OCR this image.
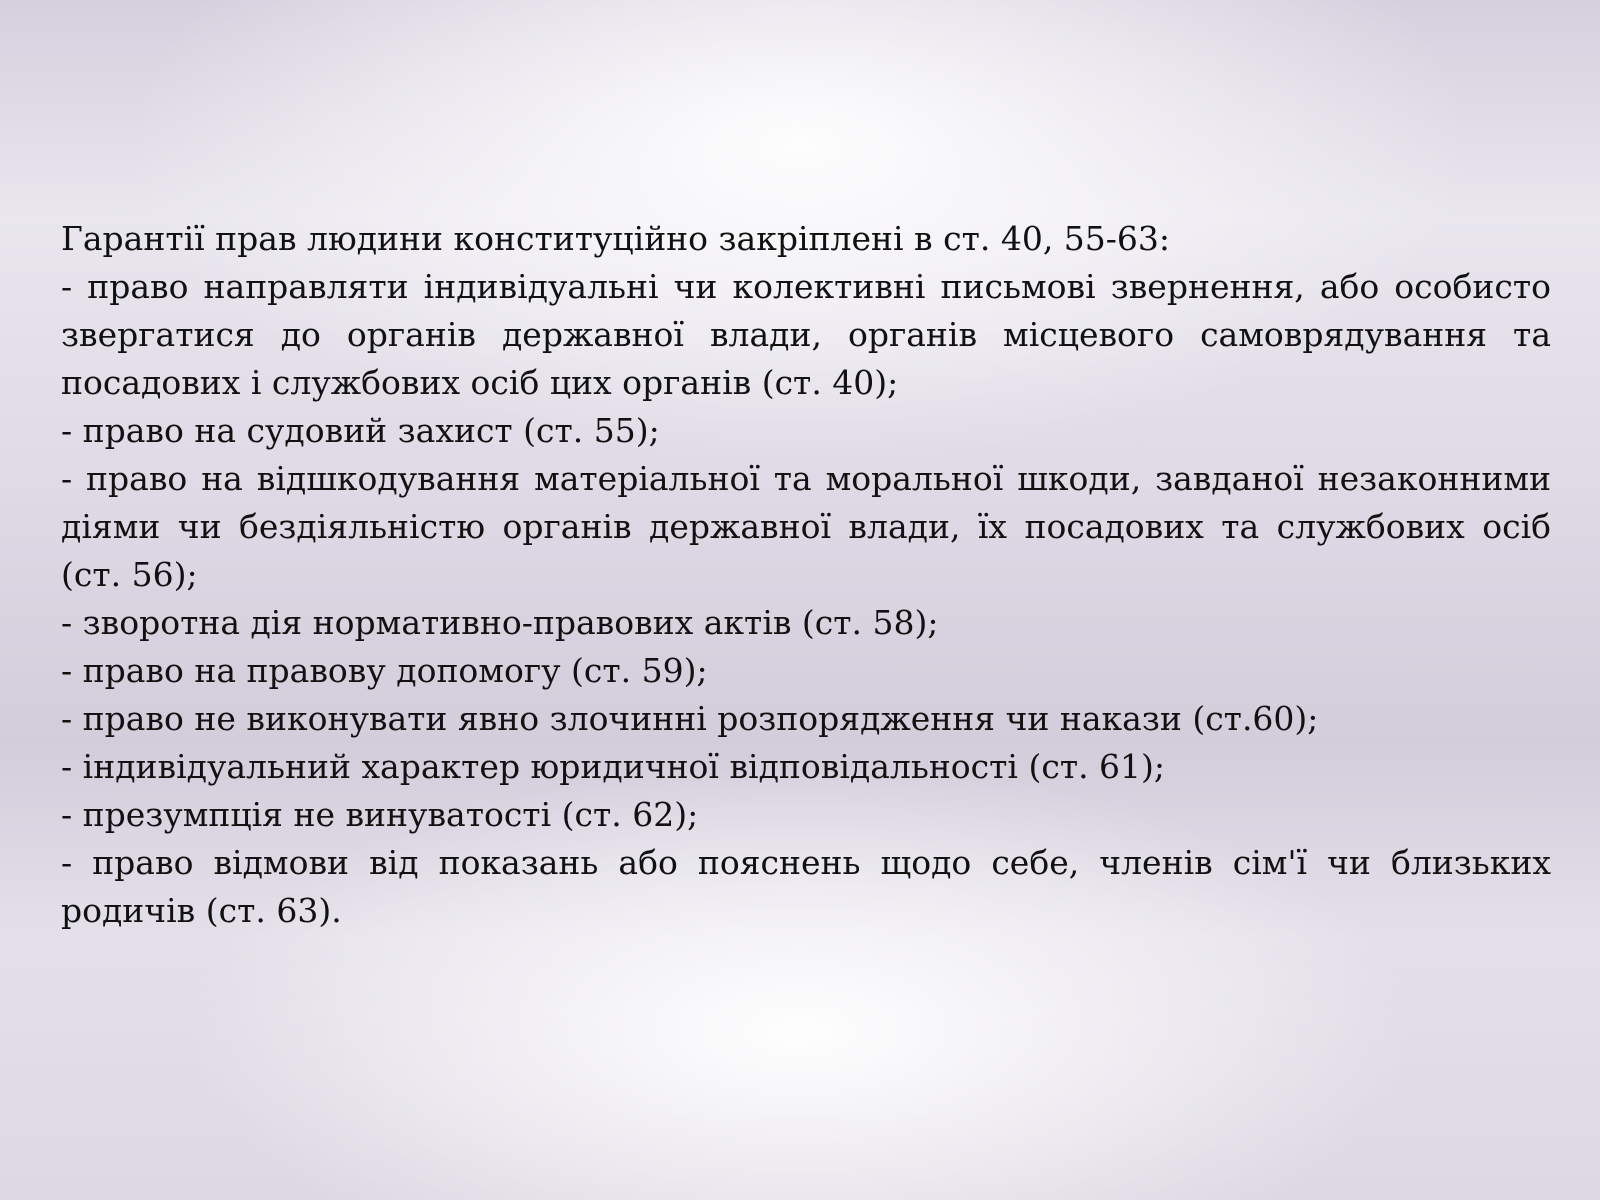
Гарантії прав людини конституційно закріплені в ст. 40, 55-63:

- право направляти індивідуальні чи колективні письмові звернення, або особисто звергатися до органів державної влади, органів місцевого самоврядування та посадових і службових осіб цих органів (ст. 40);

- право на судовий захист (ст. 55);

- право на відшкодування матеріальної та моральної шкоди, завданої незаконними діями чи бездіяльністю органів державної влади, їх посадових та службових осіб (ст. 56);

- зворотна дія нормативно-правових актів (ст. 58);

- право на правову допомогу (ст. 59);

- право не виконувати явно злочинні розпорядження чи накази (ст.60);

- індивідуальний характер юридичної відповідальності (ст. 61);

- презумпція не винуватості (ст. 62);

- право відмови від показань або пояснень щодо себе, членів сім'ї чи близьких родичів (ст. 63).
